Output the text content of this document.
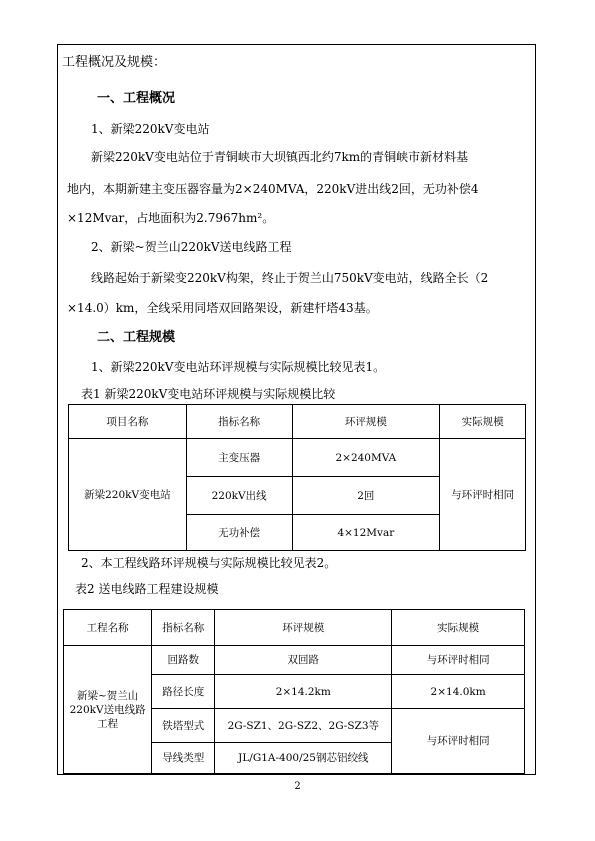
工程概况及规模：
一、工程概况
1、新梁220kV变电站
新梁220kV变电站位于青铜峡市大坝镇西北约7km的青铜峡市新材料基
地内，本期新建主变压器容量为2×240MVA，220kV进出线2回，无功补偿4
×12Mvar，占地面积为2.7967hm²。
2、新梁~贺兰山220kV送电线路工程
线路起始于新梁变220kV构架，终止于贺兰山750kV变电站，线路全长（2
×14.0）km，全线采用同塔双回路架设，新建杆塔43基。
二、工程规模
1、新梁220kV变电站环评规模与实际规模比较见表1。
表1 新梁220kV变电站环评规模与实际规模比较
项目名称	指标名称	环评规模	实际规模
新梁220kV变电站	主变压器	2×240MVA	与环评时相同
	220kV出线	2回	
	无功补偿	4×12Mvar	
2、本工程线路环评规模与实际规模比较见表2。
表2 送电线路工程建设规模
工程名称	指标名称	环评规模	实际规模
新梁~贺兰山220kV送电线路工程	回路数	双回路	与环评时相同
	路径长度	2×14.2km	2×14.0km
	铁塔型式	2G-SZ1、2G-SZ2、2G-SZ3等	与环评时相同
	导线类型	JL/G1A-400/25钢芯铝绞线	
2
